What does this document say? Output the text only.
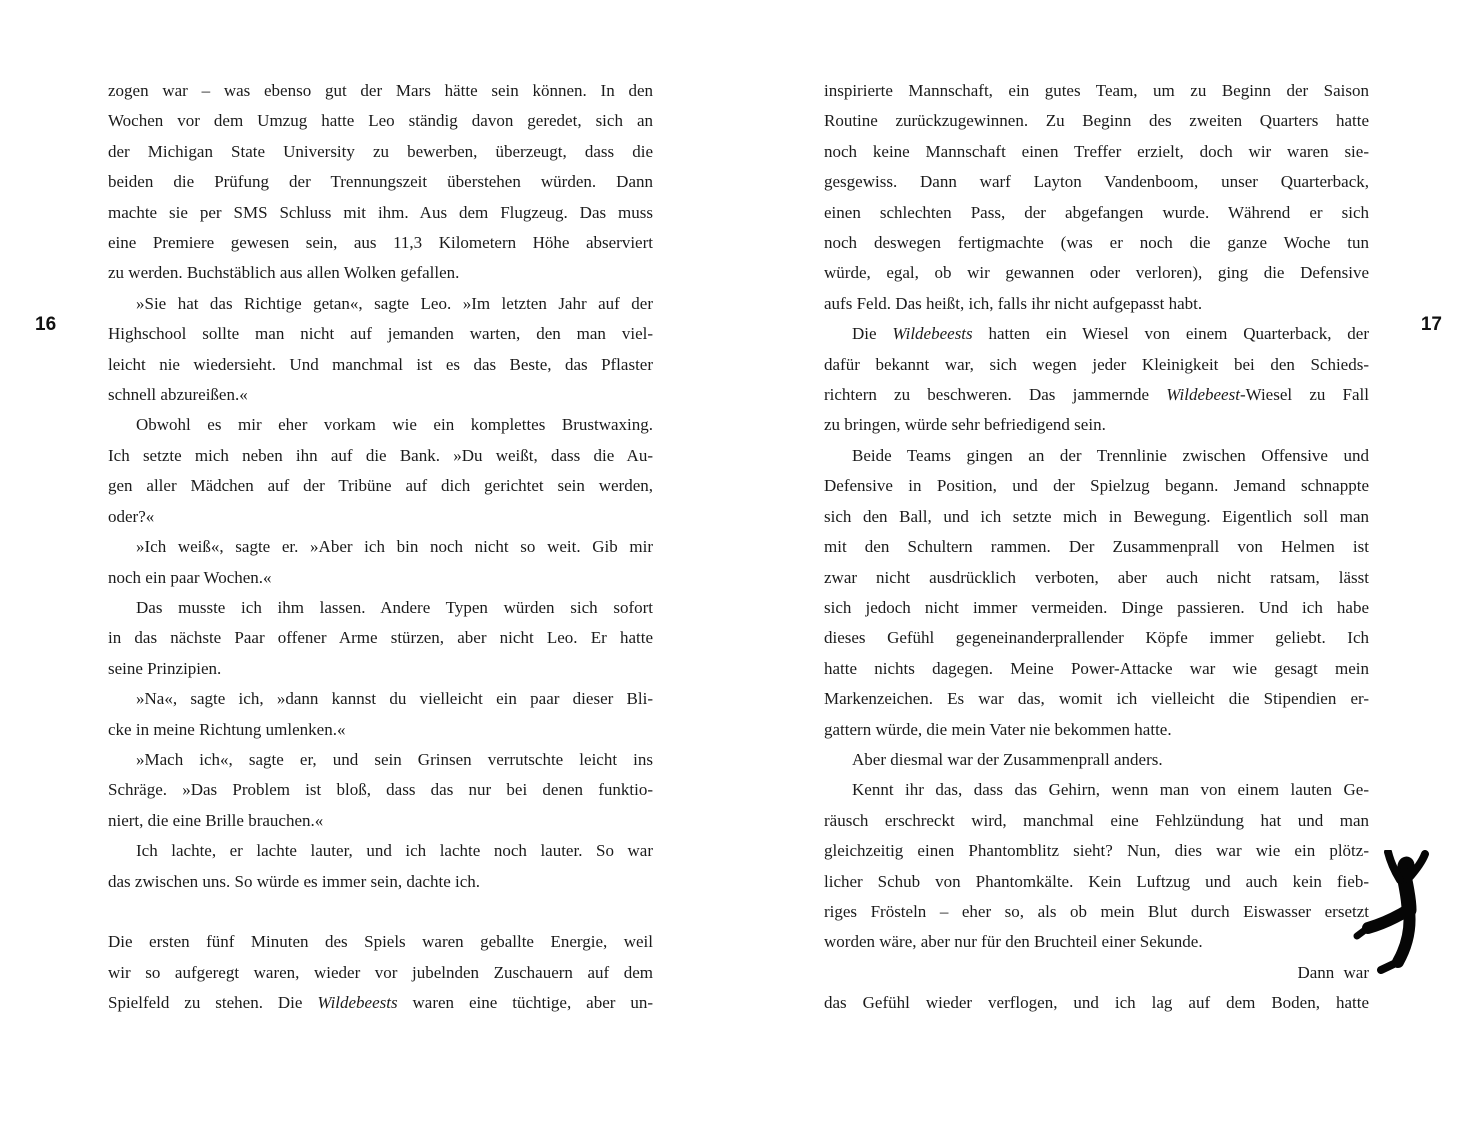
16	17
zogen war – was ebenso gut der Mars hätte sein können. In den
Wochen vor dem Umzug hatte Leo ständig davon geredet, sich an
der Michigan State University zu bewerben, überzeugt, dass die
beiden die Prüfung der Trennungszeit überstehen würden. Dann
machte sie per SMS Schluss mit ihm. Aus dem Flugzeug. Das muss
eine Premiere gewesen sein, aus 11,3 Kilometern Höhe abserviert
zu werden. Buchstäblich aus allen Wolken gefallen.
»Sie hat das Richtige getan«, sagte Leo. »Im letzten Jahr auf der
Highschool sollte man nicht auf jemanden warten, den man viel-
leicht nie wiedersieht. Und manchmal ist es das Beste, das Pflaster
schnell abzureißen.«
Obwohl es mir eher vorkam wie ein komplettes Brustwaxing.
Ich setzte mich neben ihn auf die Bank. »Du weißt, dass die Au-
gen aller Mädchen auf der Tribüne auf dich gerichtet sein werden,
oder?«
»Ich weiß«, sagte er. »Aber ich bin noch nicht so weit. Gib mir
noch ein paar Wochen.«
Das musste ich ihm lassen. Andere Typen würden sich sofort
in das nächste Paar offener Arme stürzen, aber nicht Leo. Er hatte
seine Prinzipien.
»Na«, sagte ich, »dann kannst du vielleicht ein paar dieser Bli-
cke in meine Richtung umlenken.«
»Mach ich«, sagte er, und sein Grinsen verrutschte leicht ins
Schräge. »Das Problem ist bloß, dass das nur bei denen funktio-
niert, die eine Brille brauchen.«
Ich lachte, er lachte lauter, und ich lachte noch lauter. So war
das zwischen uns. So würde es immer sein, dachte ich.
Die ersten fünf Minuten des Spiels waren geballte Energie, weil
wir so aufgeregt waren, wieder vor jubelnden Zuschauern auf dem
Spielfeld zu stehen. Die Wildebeests waren eine tüchtige, aber un-
inspirierte Mannschaft, ein gutes Team, um zu Beginn der Saison
Routine zurückzugewinnen. Zu Beginn des zweiten Quarters hatte
noch keine Mannschaft einen Treffer erzielt, doch wir waren sie-
gesgewiss. Dann warf Layton Vandenboom, unser Quarterback,
einen schlechten Pass, der abgefangen wurde. Während er sich
noch deswegen fertigmachte (was er noch die ganze Woche tun
würde, egal, ob wir gewannen oder verloren), ging die Defensive
aufs Feld. Das heißt, ich, falls ihr nicht aufgepasst habt.
Die Wildebeests hatten ein Wiesel von einem Quarterback, der
dafür bekannt war, sich wegen jeder Kleinigkeit bei den Schieds-
richtern zu beschweren. Das jammernde Wildebeest-Wiesel zu Fall
zu bringen, würde sehr befriedigend sein.
Beide Teams gingen an der Trennlinie zwischen Offensive und
Defensive in Position, und der Spielzug begann. Jemand schnappte
sich den Ball, und ich setzte mich in Bewegung. Eigentlich soll man
mit den Schultern rammen. Der Zusammenprall von Helmen ist
zwar nicht ausdrücklich verboten, aber auch nicht ratsam, lässt
sich jedoch nicht immer vermeiden. Dinge passieren. Und ich habe
dieses Gefühl gegeneinanderprallender Köpfe immer geliebt. Ich
hatte nichts dagegen. Meine Power-Attacke war wie gesagt mein
Markenzeichen. Es war das, womit ich vielleicht die Stipendien er-
gattern würde, die mein Vater nie bekommen hatte.
Aber diesmal war der Zusammenprall anders.
Kennt ihr das, dass das Gehirn, wenn man von einem lauten Ge-
räusch erschreckt wird, manchmal eine Fehlzündung hat und man
gleichzeitig einen Phantomblitz sieht? Nun, dies war wie ein plötz-
licher Schub von Phantomkälte. Kein Luftzug und auch kein fieb-
riges Frösteln – eher so, als ob mein Blut durch Eiswasser ersetzt
worden wäre, aber nur für den Bruchteil einer Sekunde.
Dann war
das Gefühl wieder verflogen, und ich lag auf dem Boden, hatte
